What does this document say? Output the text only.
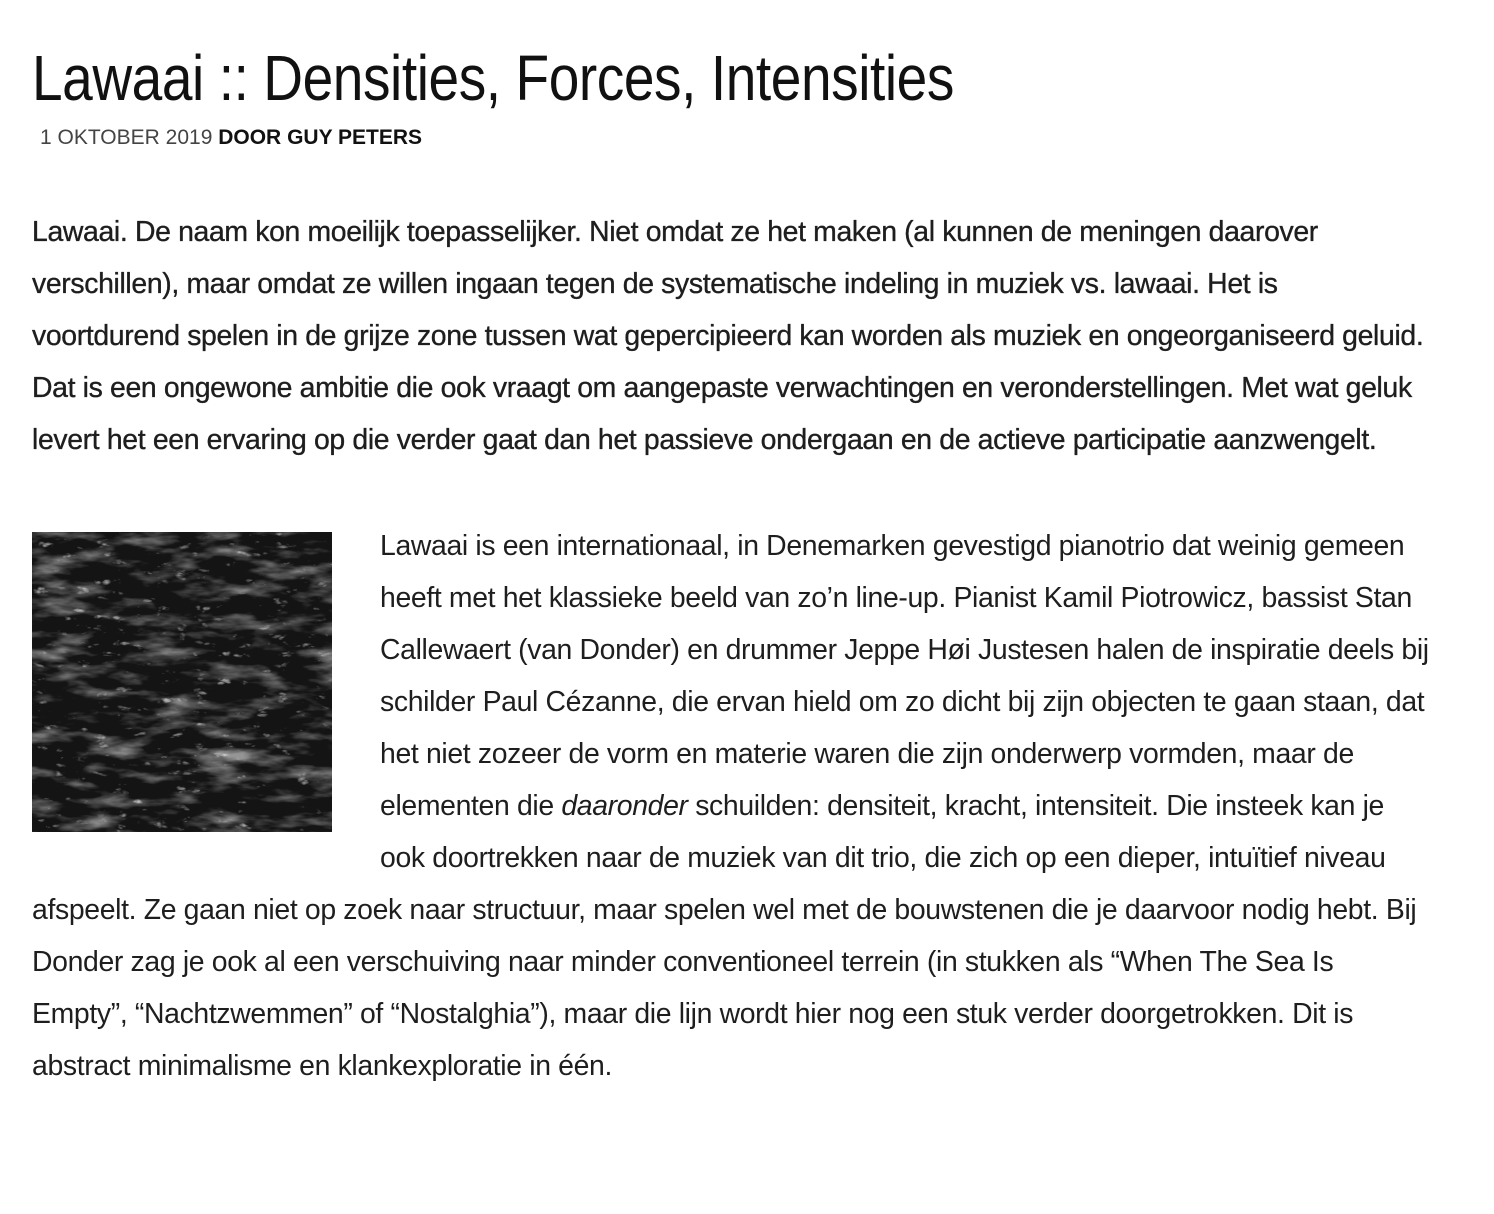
Lawaai :: Densities, Forces, Intensities
1 OKTOBER 2019 DOOR GUY PETERS

Lawaai. De naam kon moeilijk toepasselijker. Niet omdat ze het maken (al kunnen de meningen daarover verschillen), maar omdat ze willen ingaan tegen de systematische indeling in muziek vs. lawaai. Het is voortdurend spelen in de grijze zone tussen wat gepercipieerd kan worden als muziek en ongeorganiseerd geluid. Dat is een ongewone ambitie die ook vraagt om aangepaste verwachtingen en veronderstellingen. Met wat geluk levert het een ervaring op die verder gaat dan het passieve ondergaan en de actieve participatie aanzwengelt.

Lawaai is een internationaal, in Denemarken gevestigd pianotrio dat weinig gemeen heeft met het klassieke beeld van zo’n line-up. Pianist Kamil Piotrowicz, bassist Stan Callewaert (van Donder) en drummer Jeppe Høi Justesen halen de inspiratie deels bij schilder Paul Cézanne, die ervan hield om zo dicht bij zijn objecten te gaan staan, dat het niet zozeer de vorm en materie waren die zijn onderwerp vormden, maar de elementen die daaronder schuilden: densiteit, kracht, intensiteit. Die insteek kan je ook doortrekken naar de muziek van dit trio, die zich op een dieper, intuïtief niveau afspeelt. Ze gaan niet op zoek naar structuur, maar spelen wel met de bouwstenen die je daarvoor nodig hebt. Bij Donder zag je ook al een verschuiving naar minder conventioneel terrein (in stukken als “When The Sea Is Empty”, “Nachtzwemmen” of “Nostalghia”), maar die lijn wordt hier nog een stuk verder doorgetrokken. Dit is abstract minimalisme en klankexploratie in één.
